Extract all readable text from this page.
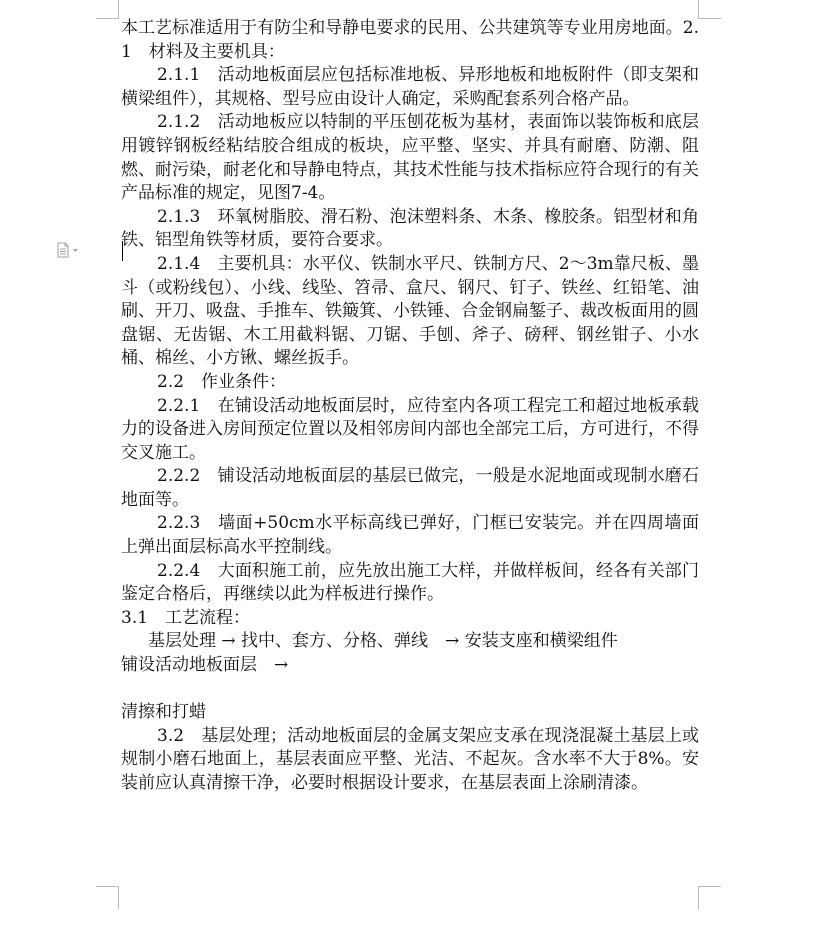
本工艺标准适用于有防尘和导静电要求的民用、公共建筑等专业用房地面。2.1　材料及主要机具：

2.1.1　活动地板面层应包括标准地板、异形地板和地板附件（即支架和横梁组件），其规格、型号应由设计人确定，采购配套系列合格产品。

2.1.2　活动地板应以特制的平压刨花板为基材，表面饰以装饰板和底层用镀锌钢板经粘结胶合组成的板块，应平整、坚实、并具有耐磨、防潮、阻燃、耐污染，耐老化和导静电特点，其技术性能与技术指标应符合现行的有关产品标准的规定，见图7-4。

2.1.3　环氧树脂胶、滑石粉、泡沫塑料条、木条、橡胶条。铝型材和角铁、铝型角铁等材质，要符合要求。

2.1.4　主要机具：水平仪、铁制水平尺、铁制方尺、2～3m靠尺板、墨斗（或粉线包）、小线、线坠、笤帚、盒尺、钢尺、钉子、铁丝、红铅笔、油刷、开刀、吸盘、手推车、铁簸箕、小铁锤、合金钢扁錾子、裁改板面用的圆盘锯、无齿锯、木工用截料锯、刀锯、手刨、斧子、磅秤、钢丝钳子、小水桶、棉丝、小方锹、螺丝扳手。

2.2　作业条件：

2.2.1　在铺设活动地板面层时，应待室内各项工程完工和超过地板承载力的设备进入房间预定位置以及相邻房间内部也全部完工后，方可进行，不得交叉施工。

2.2.2　铺设活动地板面层的基层已做完，一般是水泥地面或现制水磨石地面等。

2.2.3　墙面+50cm水平标高线已弹好，门框已安装完。并在四周墙面上弹出面层标高水平控制线。

2.2.4　大面积施工前，应先放出施工大样，并做样板间，经各有关部门鉴定合格后，再继续以此为样板进行操作。

3.1　工艺流程：

基层处理 → 找中、套方、分格、弹线　→ 安装支座和横梁组件

铺设活动地板面层　→

清擦和打蜡

3.2　基层处理；活动地板面层的金属支架应支承在现浇混凝土基层上或规制小磨石地面上，基层表面应平整、光洁、不起灰。含水率不大于8%。安装前应认真清擦干净，必要时根据设计要求，在基层表面上涂刷清漆。
